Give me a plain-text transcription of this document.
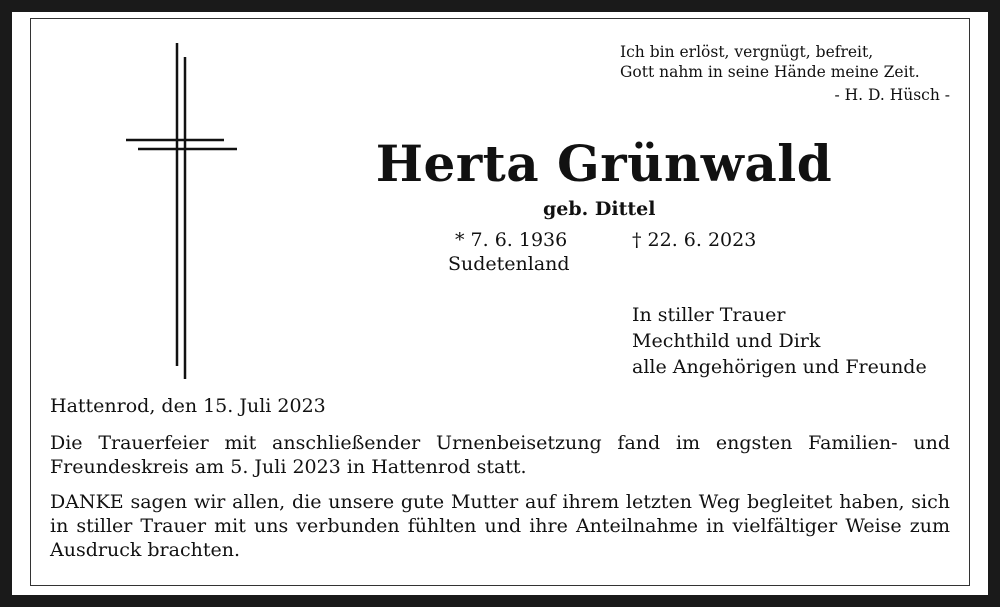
Ich bin erlöst, vergnügt, befreit,
Gott nahm in seine Hände meine Zeit.
- H. D. Hüsch -
Herta Grünwald
geb. Dittel
* 7. 6. 1936	† 22. 6. 2023
Sudetenland
In stiller Trauer
Mechthild und Dirk
alle Angehörigen und Freunde
Hattenrod, den 15. Juli 2023
Die Trauerfeier mit anschließender Urnenbeisetzung fand im engsten Familien- und Freundeskreis am 5. Juli 2023 in Hattenrod statt.
DANKE sagen wir allen, die unsere gute Mutter auf ihrem letzten Weg begleitet haben, sich in stiller Trauer mit uns verbunden fühlten und ihre Anteilnahme in vielfältiger Weise zum Ausdruck brachten.
